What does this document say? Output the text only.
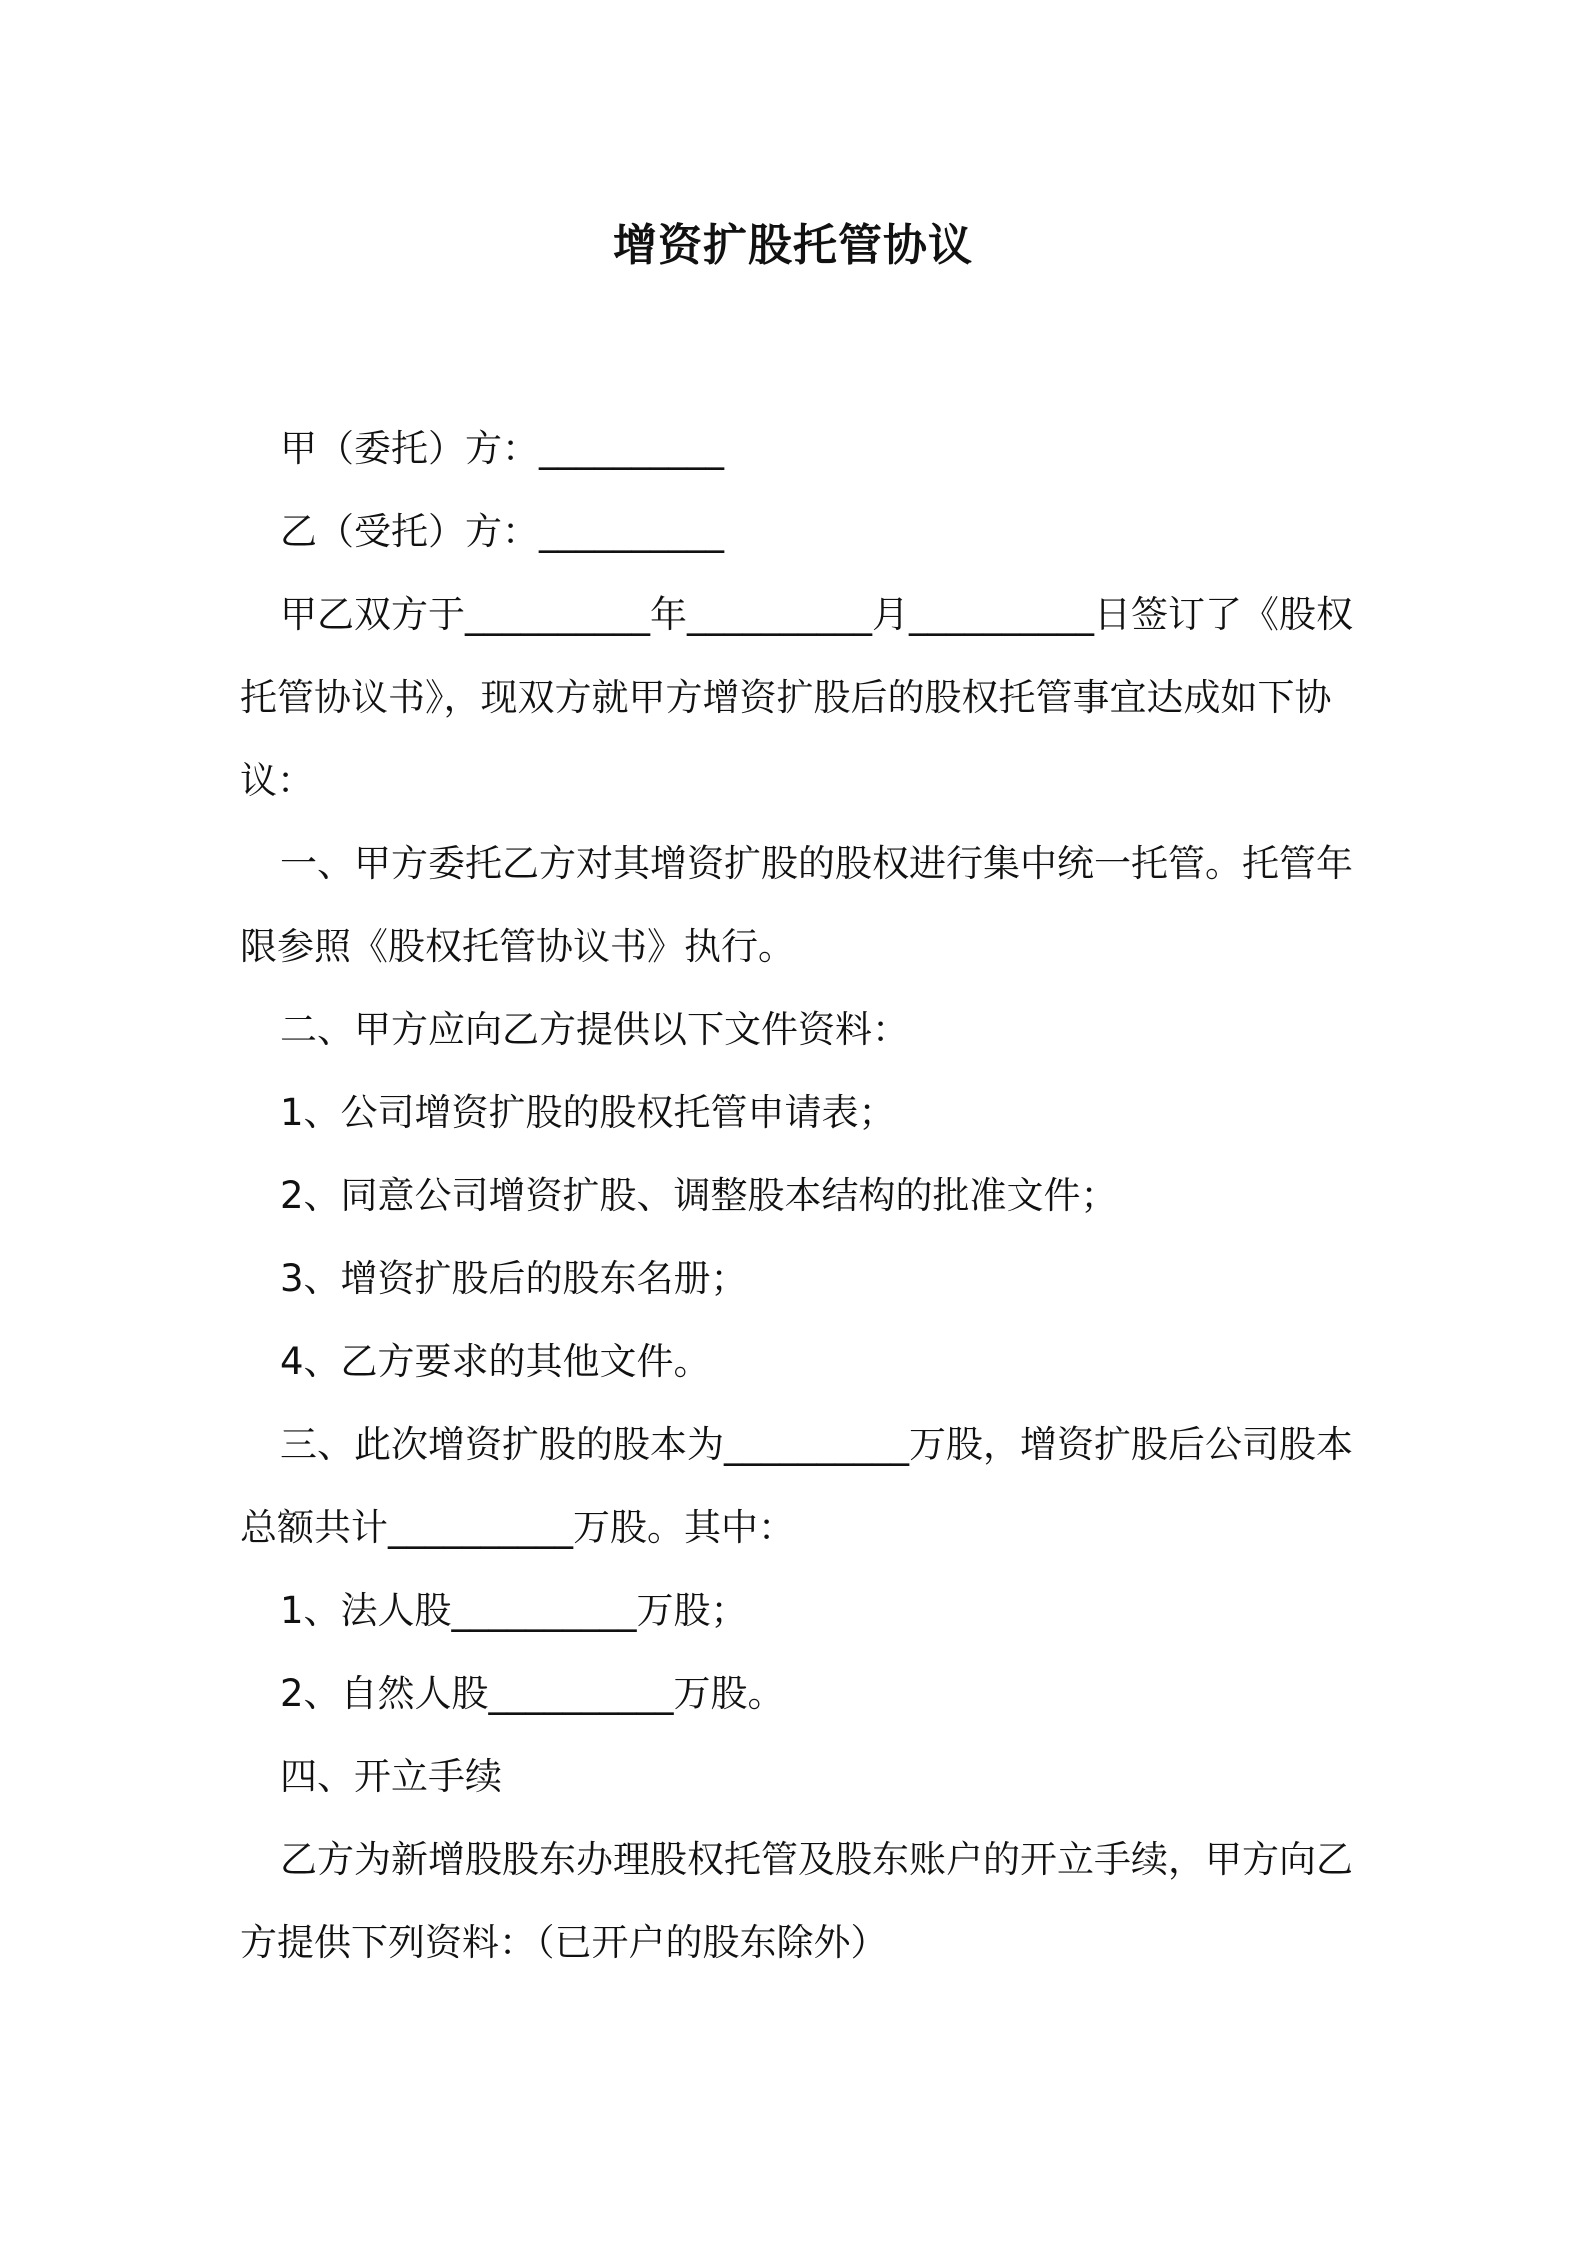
增资扩股托管协议

甲（委托）方：__________

乙（受托）方：__________

甲乙双方于__________年__________月__________日签订了《股权托管协议书》，现双方就甲方增资扩股后的股权托管事宜达成如下协议：

一、甲方委托乙方对其增资扩股的股权进行集中统一托管。托管年限参照《股权托管协议书》执行。

二、甲方应向乙方提供以下文件资料：

1、公司增资扩股的股权托管申请表；

2、同意公司增资扩股、调整股本结构的批准文件；

3、增资扩股后的股东名册；

4、乙方要求的其他文件。

三、此次增资扩股的股本为__________万股，增资扩股后公司股本总额共计__________万股。其中：

1、法人股__________万股；

2、自然人股__________万股。

四、开立手续

乙方为新增股股东办理股权托管及股东账户的开立手续，甲方向乙方提供下列资料：（已开户的股东除外）
